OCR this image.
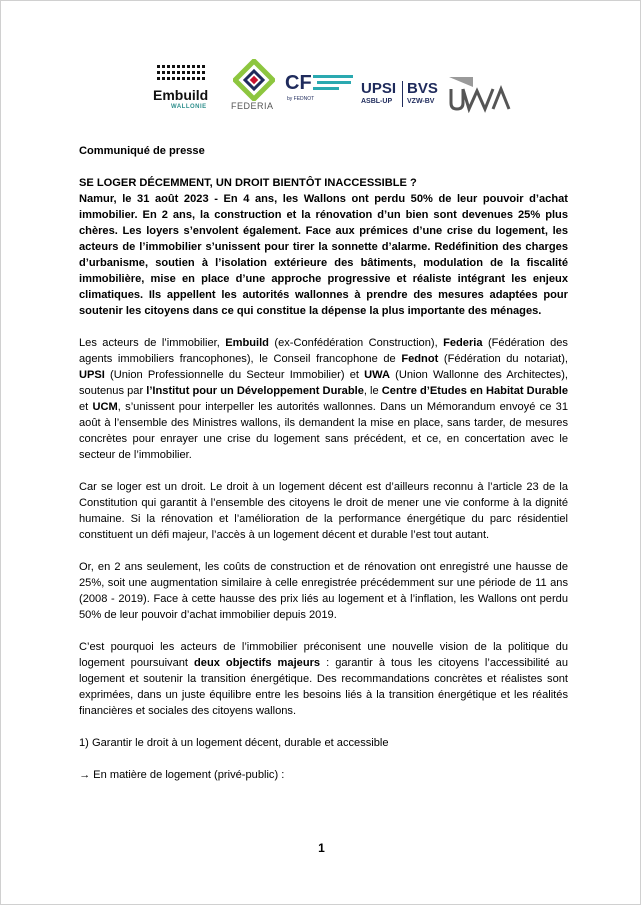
Embuild
WALLONIE	FEDERIA
CF
by FEDNOT
UPSI
ASBL-UP
BVS
VZW-BV

Communiqué de presse

SE LOGER DÉCEMMENT, UN DROIT BIENTÔT INACCESSIBLE ?

Namur, le 31 août 2023 - En 4 ans, les Wallons ont perdu 50% de leur pouvoir d’achat immobilier. En 2 ans, la construction et la rénovation d’un bien sont devenues 25% plus chères. Les loyers s’envolent également. Face aux prémices d’une crise du logement, les acteurs de l’immobilier s’unissent pour tirer la sonnette d’alarme. Redéfinition des charges d’urbanisme, soutien à l’isolation extérieure des bâtiments, modulation de la fiscalité immobilière, mise en place d’une approche progressive et réaliste intégrant les enjeux climatiques. Ils appellent les autorités wallonnes à prendre des mesures adaptées pour soutenir les citoyens dans ce qui constitue la dépense la plus importante des ménages.

Les acteurs de l’immobilier, Embuild (ex-Confédération Construction), Federia (Fédération des agents immobiliers francophones), le Conseil francophone de Fednot (Fédération du notariat), UPSI (Union Professionnelle du Secteur Immobilier) et UWA (Union Wallonne des Architectes), soutenus par l’Institut pour un Développement Durable, le Centre d’Etudes en Habitat Durable et UCM, s’unissent pour interpeller les autorités wallonnes. Dans un Mémorandum envoyé ce 31 août à l’ensemble des Ministres wallons, ils demandent la mise en place, sans tarder, de mesures concrètes pour enrayer une crise du logement sans précédent, et ce, en concertation avec le secteur de l’immobilier.

Car se loger est un droit. Le droit à un logement décent est d’ailleurs reconnu à l’article 23 de la Constitution qui garantit à l’ensemble des citoyens le droit de mener une vie conforme à la dignité humaine. Si la rénovation et l’amélioration de la performance énergétique du parc résidentiel constituent un défi majeur, l’accès à un logement décent et durable l’est tout autant.

Or, en 2 ans seulement, les coûts de construction et de rénovation ont enregistré une hausse de 25%, soit une augmentation similaire à celle enregistrée précédemment sur une période de 11 ans (2008 - 2019). Face à cette hausse des prix liés au logement et à l’inflation, les Wallons ont perdu 50% de leur pouvoir d’achat immobilier depuis 2019.

C’est pourquoi les acteurs de l’immobilier préconisent une nouvelle vision de la politique du logement poursuivant deux objectifs majeurs : garantir à tous les citoyens l’accessibilité au logement et soutenir la transition énergétique. Des recommandations concrètes et réalistes sont exprimées, dans un juste équilibre entre les besoins liés à la transition énergétique et les réalités financières et sociales des citoyens wallons.

1) Garantir le droit à un logement décent, durable et accessible

→ En matière de logement (privé-public) :

1
